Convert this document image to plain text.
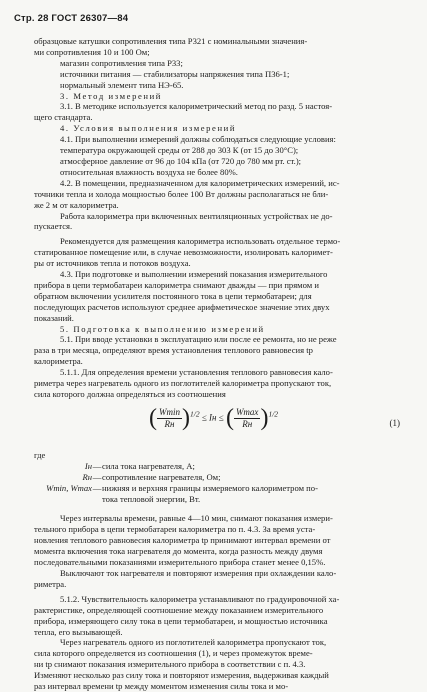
Стр. 28 ГОСТ 26307—84
образцовые катушки сопротивления типа Р321 с номинальными значения-
ми сопротивления 10 и 100 Ом;
магазин сопротивления типа Р33;
источники питания — стабилизаторы напряжения типа П36-1;
нормальный элемент типа НЭ-65.
3. Метод измерений
3.1. В методике используется калориметрический метод по разд. 5 настоя-
щего стандарта.
4. Условия выполнения измерений
4.1. При выполнении измерений должны соблюдаться следующие условия:
температура окружающей среды от 288 до 303 К (от 15 до 30°С);
атмосферное давление от 96 до 104 кПа (от 720 до 780 мм рт. ст.);
относительная влажность воздуха не более 80%.
4.2. В помещении, предназначенном для калориметрических измерений, ис-
точники тепла и холода мощностью более 100 Вт должны располагаться не бли-
же 2 м от калориметра.
Работа калориметра при включенных вентиляционных устройствах не до-
пускается.
Рекомендуется для размещения калориметра использовать отдельное термо-
статированное помещение или, в случае невозможности, изолировать калоримет-
ры от источников тепла и потоков воздуха.
4.3. При подготовке и выполнении измерений показания измерительного
прибора в цепи термобатареи калориметра снимают дважды — при прямом и
обратном включении усилителя постоянного тока в цепи термобатареи; для
последующих расчетов используют среднее арифметическое значение этих двух
показаний.
5. Подготовка к выполнению измерений
5.1. При вводе установки в эксплуатацию или после ее ремонта, но не реже
раза в три месяца, определяют время установления теплового равновесия tр
калориметра.
5.1.1. Для определения времени установления теплового равновесия кало-
риметра через нагреватель одного из поглотителей калориметра пропускают ток,
сила которого должна определяться из соотношения
( $\frac{Wmin}{Rн} )^{1/2}$ ≤ Iн ≤ ( $\frac{Wmax}{Rн} )^{1/2}$
(1)
где
Iн — сила тока нагревателя, А;
Rн — сопротивление нагревателя, Ом;
Wmin, Wmax — нижняя и верхняя границы измеряемого калориметром по-
тока тепловой энергии, Вт.
Через интервалы времени, равные 4—10 мин, снимают показания измери-
тельного прибора в цепи термобатареи калориметра по п. 4.3. За время уста-
новления теплового равновесия калориметра tр принимают интервал времени от
момента включения тока нагревателя до момента, когда разность между двумя
последовательными показаниями измерительного прибора станет менее 0,15%.
Выключают ток нагревателя и повторяют измерения при охлаждении кало-
риметра.
5.1.2. Чувствительность калориметра устанавливают по градуировочной ха-
рактеристике, определяющей соотношение между показанием измерительного
прибора, измеряющего силу тока в цепи термобатареи, и мощностью источника
тепла, его вызывающей.
Через нагреватель одного из поглотителей калориметра пропускают ток,
сила которого определяется из соотношения (1), и через промежуток време-
ни tр снимают показания измерительного прибора в соответствии с п. 4.3.
Изменяют несколько раз силу тока и повторяют измерения, выдерживая каждый
раз интервал времени tр между моментом изменения силы тока и мо-
